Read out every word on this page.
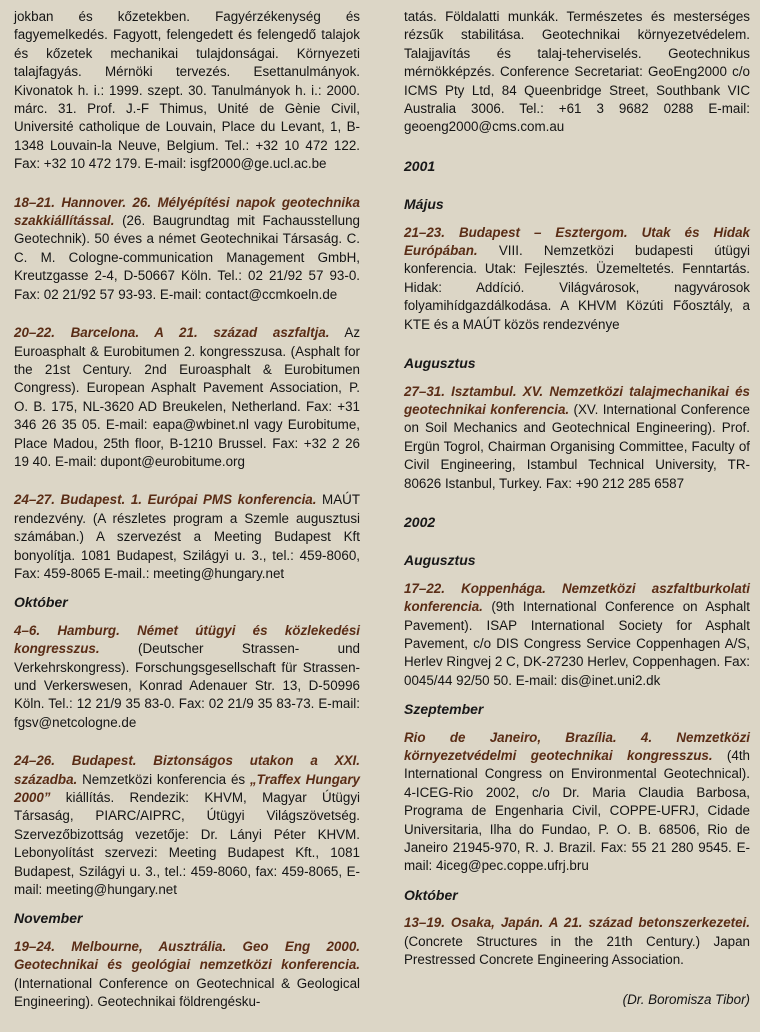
jokban és kőzetekben. Fagyérzékenység és fagyemelkedés. Fagyott, felengedett és felengedő talajok és kőzetek mechanikai tulajdonságai. Környezeti talajfagyás. Mérnöki tervezés. Esettanulmányok. Kivonatok h. i.: 1999. szept. 30. Tanulmányok h. i.: 2000. márc. 31. Prof. J.-F Thimus, Unité de Gènie Civil, Université catholique de Louvain, Place du Levant, 1, B-1348 Louvain-la Neuve, Belgium. Tel.: +32 10 472 122. Fax: +32 10 472 179. E-mail: isgf2000@ge.ucl.ac.be

18–21. Hannover. 26. Mélyépítési napok geotechnika szakkiállítással. (26. Baugrundtag mit Fachausstellung Geotechnik). 50 éves a német Geotechnikai Társaság. C. C. M. Cologne-communication Management GmbH, Kreutzgasse 2-4, D-50667 Köln. Tel.: 02 21/92 57 93-0. Fax: 02 21/92 57 93-93. E-mail: contact@ccmkoeln.de

20–22. Barcelona. A 21. század aszfaltja. Az Euroasphalt & Eurobitumen 2. kongresszusa. (Asphalt for the 21st Century. 2nd Euroasphalt & Eurobitumen Congress). European Asphalt Pavement Association, P. O. B. 175, NL-3620 AD Breukelen, Netherland. Fax: +31 346 26 35 05. E-mail: eapa@wbinet.nl vagy Eurobitume, Place Madou, 25th floor, B-1210 Brussel. Fax: +32 2 26 19 40. E-mail: dupont@eurobitume.org

24–27. Budapest. 1. Európai PMS konferencia. MAÚT rendezvény. (A részletes program a Szemle augusztusi számában.) A szervezést a Meeting Budapest Kft bonyolítja. 1081 Budapest, Szilágyi u. 3., tel.: 459-8060, Fax: 459-8065 E-mail.: meeting@hungary.net

Október

4–6. Hamburg. Német útügyi és közlekedési kongresszus. (Deutscher Strassen- und Verkehrskongress). Forschungsgesellschaft für Strassen- und Verkerswesen, Konrad Adenauer Str. 13, D-50996 Köln. Tel.: 12 21/9 35 83-0. Fax: 02 21/9 35 83-73. E-mail: fgsv@netcologne.de

24–26. Budapest. Biztonságos utakon a XXI. századba. Nemzetközi konferencia és „Traffex Hungary 2000” kiállítás. Rendezik: KHVM, Magyar Útügyi Társaság, PIARC/AIPRC, Útügyi Világszövetség. Szervezőbizottság vezetője: Dr. Lányi Péter KHVM. Lebonyolítást szervezi: Meeting Budapest Kft., 1081 Budapest, Szilágyi u. 3., tel.: 459-8060, fax: 459-8065, E-mail: meeting@hungary.net

November

19–24. Melbourne, Ausztrália. Geo Eng 2000. Geotechnikai és geológiai nemzetközi konferencia. (International Conference on Geotechnical & Geological Engineering). Geotechnikai földrengésku-

tatás. Földalatti munkák. Természetes és mesterséges rézsűk stabilitása. Geotechnikai környezetvédelem. Talajjavítás és talaj-teherviselés. Geotechnikus mérnökképzés. Conference Secretariat: GeoEng2000 c/o ICMS Pty Ltd, 84 Queenbridge Street, Southbank VIC Australia 3006. Tel.: +61 3 9682 0288 E-mail: geoeng2000@cms.com.au

2001
Május

21–23. Budapest – Esztergom. Utak és Hidak Európában. VIII. Nemzetközi budapesti útügyi konferencia. Utak: Fejlesztés. Üzemeltetés. Fenntartás. Hidak: Addíció. Világvárosok, nagyvárosok folyamihídgazdálkodása. A KHVM Közúti Főosztály, a KTE és a MAÚT közös rendezvénye

Augusztus

27–31. Isztambul. XV. Nemzetközi talajmechanikai és geotechnikai konferencia. (XV. International Conference on Soil Mechanics and Geotechnical Engineering). Prof. Ergün Togrol, Chairman Organising Committee, Faculty of Civil Engineering, Istambul Technical University, TR-80626 Istanbul, Turkey. Fax: +90 212 285 6587

2002
Augusztus

17–22. Koppenhága. Nemzetközi aszfaltburkolati konferencia. (9th International Conference on Asphalt Pavement). ISAP International Society for Asphalt Pavement, c/o DIS Congress Service Coppenhagen A/S, Herlev Ringvej 2 C, DK-27230 Herlev, Coppenhagen. Fax: 0045/44 92/50 50. E-mail: dis@inet.uni2.dk

Szeptember

Rio de Janeiro, Brazília. 4. Nemzetközi környezetvédelmi geotechnikai kongresszus. (4th International Congress on Environmental Geotechnical). 4-ICEG-Rio 2002, c/o Dr. Maria Claudia Barbosa, Programa de Engenharia Civil, COPPE-UFRJ, Cidade Universitaria, Ilha do Fundao, P. O. B. 68506, Rio de Janeiro 21945-970, R. J. Brazil. Fax: 55 21 280 9545. E-mail: 4iceg@pec.coppe.ufrj.bru

Október

13–19. Osaka, Japán. A 21. század betonszerkezetei. (Concrete Structures in the 21th Century.) Japan Prestressed Concrete Engineering Association.

(Dr. Boromisza Tibor)
